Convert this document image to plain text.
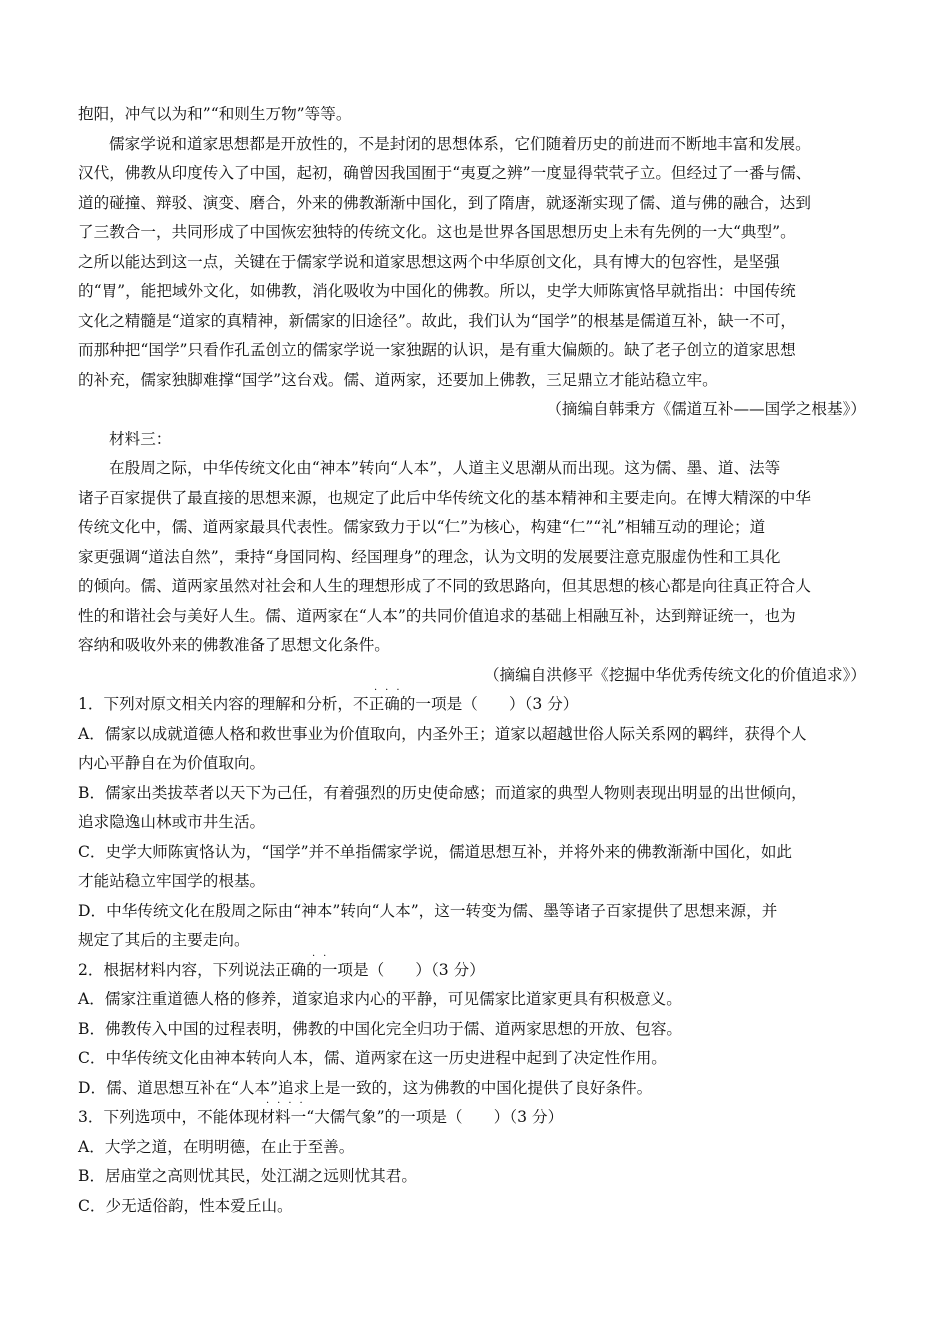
抱阳，冲气以为和”“和则生万物”等等。
儒家学说和道家思想都是开放性的，不是封闭的思想体系，它们随着历史的前进而不断地丰富和发展。
汉代，佛教从印度传入了中国，起初，确曾因我国囿于“夷夏之辨”一度显得茕茕孑立。但经过了一番与儒、
道的碰撞、辩驳、演变、磨合，外来的佛教渐渐中国化，到了隋唐，就逐渐实现了儒、道与佛的融合，达到
了三教合一，共同形成了中国恢宏独特的传统文化。这也是世界各国思想历史上未有先例的一大“典型”。
之所以能达到这一点，关键在于儒家学说和道家思想这两个中华原创文化，具有博大的包容性，是坚强
的“胃”，能把域外文化，如佛教，消化吸收为中国化的佛教。所以，史学大师陈寅恪早就指出：中国传统
文化之精髓是“道家的真精神，新儒家的旧途径”。故此，我们认为“国学”的根基是儒道互补，缺一不可，
而那种把“国学”只看作孔孟创立的儒家学说一家独踞的认识，是有重大偏颇的。缺了老子创立的道家思想
的补充，儒家独脚难撑“国学”这台戏。儒、道两家，还要加上佛教，三足鼎立才能站稳立牢。
（摘编自韩秉方《儒道互补——国学之根基》）
材料三：
在殷周之际，中华传统文化由“神本”转向“人本”，人道主义思潮从而出现。这为儒、墨、道、法等
诸子百家提供了最直接的思想来源，也规定了此后中华传统文化的基本精神和主要走向。在博大精深的中华
传统文化中，儒、道两家最具代表性。儒家致力于以“仁”为核心，构建“仁”“礼”相辅互动的理论；道
家更强调“道法自然”，秉持“身国同构、经国理身”的理念，认为文明的发展要注意克服虚伪性和工具化
的倾向。儒、道两家虽然对社会和人生的理想形成了不同的致思路向，但其思想的核心都是向往真正符合人
性的和谐社会与美好人生。儒、道两家在“人本”的共同价值追求的基础上相融互补，达到辩证统一，也为
容纳和吸收外来的佛教准备了思想文化条件。
（摘编自洪修平《挖掘中华优秀传统文化的价值追求》）
···
1．下列对原文相关内容的理解和分析，不正确的一项是（　　）（3 分）
A．儒家以成就道德人格和救世事业为价值取向，内圣外王；道家以超越世俗人际关系网的羁绊，获得个人
内心平静自在为价值取向。
B．儒家出类拔萃者以天下为己任，有着强烈的历史使命感；而道家的典型人物则表现出明显的出世倾向，
追求隐逸山林或市井生活。
C．史学大师陈寅恪认为，“国学”并不单指儒家学说，儒道思想互补，并将外来的佛教渐渐中国化，如此
才能站稳立牢国学的根基。
D．中华传统文化在殷周之际由“神本”转向“人本”，这一转变为儒、墨等诸子百家提供了思想来源，并
规定了其后的主要走向。
··
2．根据材料内容，下列说法正确的一项是（　　）（3 分）
A．儒家注重道德人格的修养，道家追求内心的平静，可见儒家比道家更具有积极意义。
B．佛教传入中国的过程表明，佛教的中国化完全归功于儒、道两家思想的开放、包容。
C．中华传统文化由神本转向人本，儒、道两家在这一历史进程中起到了决定性作用。
D．儒、道思想互补在“人本”追求上是一致的，这为佛教的中国化提供了良好条件。
····
3．下列选项中，不能体现材料一“大儒气象”的一项是（　　）（3 分）
A．大学之道，在明明德，在止于至善。
B．居庙堂之高则忧其民，处江湖之远则忧其君。
C．少无适俗韵，性本爱丘山。
